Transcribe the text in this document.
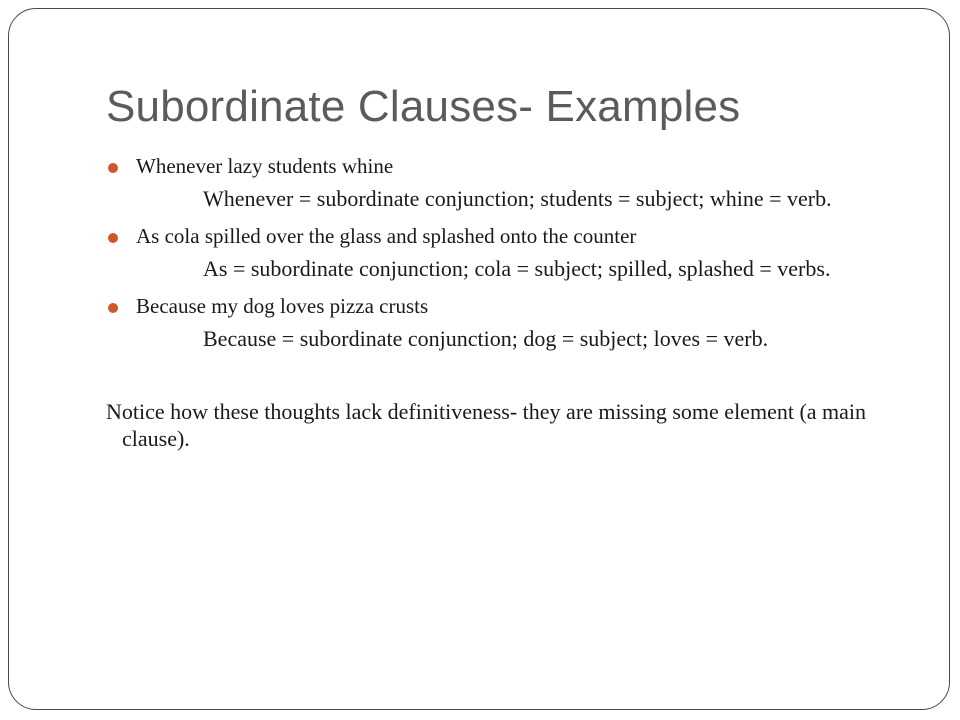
Subordinate Clauses- Examples
Whenever lazy students whine
Whenever = subordinate conjunction; students = subject; whine = verb.
As cola spilled over the glass and splashed onto the counter
As = subordinate conjunction; cola = subject; spilled, splashed = verbs.
Because my dog loves pizza crusts
Because = subordinate conjunction; dog = subject; loves = verb.
Notice how these thoughts lack definitiveness- they are missing some element (a main clause).
